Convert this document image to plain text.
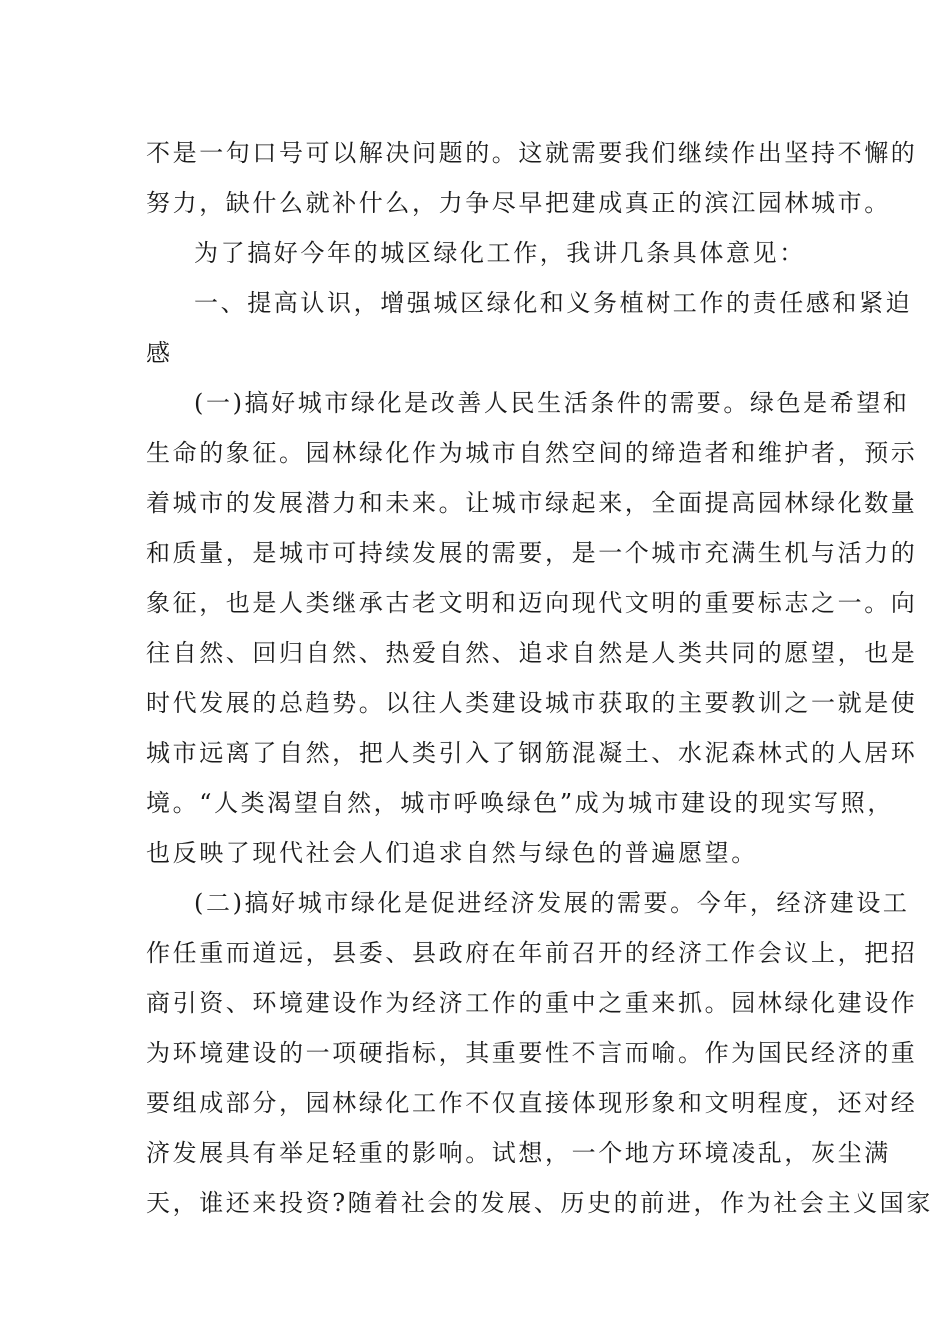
不是一句口号可以解决问题的。这就需要我们继续作出坚持不懈的
努力，缺什么就补什么，力争尽早把建成真正的滨江园林城市。
为了搞好今年的城区绿化工作，我讲几条具体意见：
一、提高认识，增强城区绿化和义务植树工作的责任感和紧迫
感
(一)搞好城市绿化是改善人民生活条件的需要。绿色是希望和
生命的象征。园林绿化作为城市自然空间的缔造者和维护者，预示
着城市的发展潜力和未来。让城市绿起来，全面提高园林绿化数量
和质量，是城市可持续发展的需要，是一个城市充满生机与活力的
象征，也是人类继承古老文明和迈向现代文明的重要标志之一。向
往自然、回归自然、热爱自然、追求自然是人类共同的愿望，也是
时代发展的总趋势。以往人类建设城市获取的主要教训之一就是使
城市远离了自然，把人类引入了钢筋混凝土、水泥森林式的人居环
境。“人类渴望自然，城市呼唤绿色”成为城市建设的现实写照，
也反映了现代社会人们追求自然与绿色的普遍愿望。
(二)搞好城市绿化是促进经济发展的需要。今年，经济建设工
作任重而道远，县委、县政府在年前召开的经济工作会议上，把招
商引资、环境建设作为经济工作的重中之重来抓。园林绿化建设作
为环境建设的一项硬指标，其重要性不言而喻。作为国民经济的重
要组成部分，园林绿化工作不仅直接体现形象和文明程度，还对经
济发展具有举足轻重的影响。试想，一个地方环境凌乱，灰尘满
天，谁还来投资?随着社会的发展、历史的前进，作为社会主义国家
